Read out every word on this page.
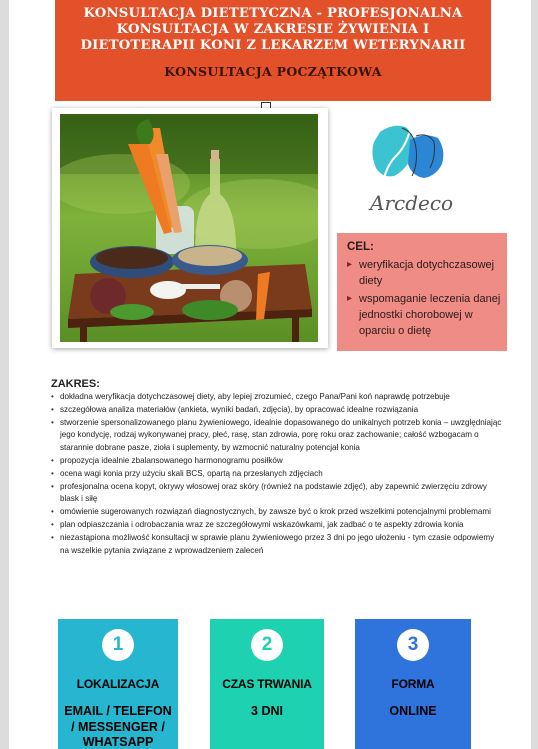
KONSULTACJA DIETETYCZNA - PROFESJONALNA KONSULTACJA W ZAKRESIE ŻYWIENIA I DIETOTERAPII KONI Z LEKARZEM WETERYNARII
KONSULTACJA POCZĄTKOWA
Arcdeco
CEL:
▸ weryfikacja dotychczasowej diety
▸ wspomaganie leczenia danej jednostki chorobowej w oparciu o dietę
ZAKRES:
• dokładna weryfikacja dotychczasowej diety, aby lepiej zrozumieć, czego Pana/Pani koń naprawdę potrzebuje
• szczegółowa analiza materiałów (ankieta, wyniki badań, zdjęcia), by opracować idealne rozwiązania
• stworzenie spersonalizowanego planu żywieniowego, idealnie dopasowanego do unikalnych potrzeb konia – uwzględniając jego kondycję, rodzaj wykonywanej pracy, płeć, rasę, stan zdrowia, porę roku oraz zachowanie; całość wzbogacam o starannie dobrane pasze, zioła i suplementy, by wzmocnić naturalny potencjał konia
• propozycja idealnie zbalansowanego harmonogramu posiłków
• ocena wagi konia przy użyciu skali BCS, opartą na przesłanych zdjęciach
• profesjonalna ocena kopyt, okrywy włosowej oraz skóry (również na podstawie zdjęć), aby zapewnić zwierzęciu zdrowy blask i siłę
• omówienie sugerowanych rozwiązań diagnostycznych, by zawsze być o krok przed wszelkimi potencjalnymi problemami
• plan odpiaszczania i odrobaczania wraz ze szczegółowymi wskazówkami, jak zadbać o te aspekty zdrowia konia
• niezastąpiona możliwość konsultacji w sprawie planu żywieniowego przez 3 dni po jego ułożeniu - tym czasie odpowiemy na wszelkie pytania związane z wprowadzeniem zaleceń
1
LOKALIZACJA
EMAIL / TELEFON / MESSENGER / WHATSAPP
2
CZAS TRWANIA
3 DNI
3
FORMA
ONLINE
